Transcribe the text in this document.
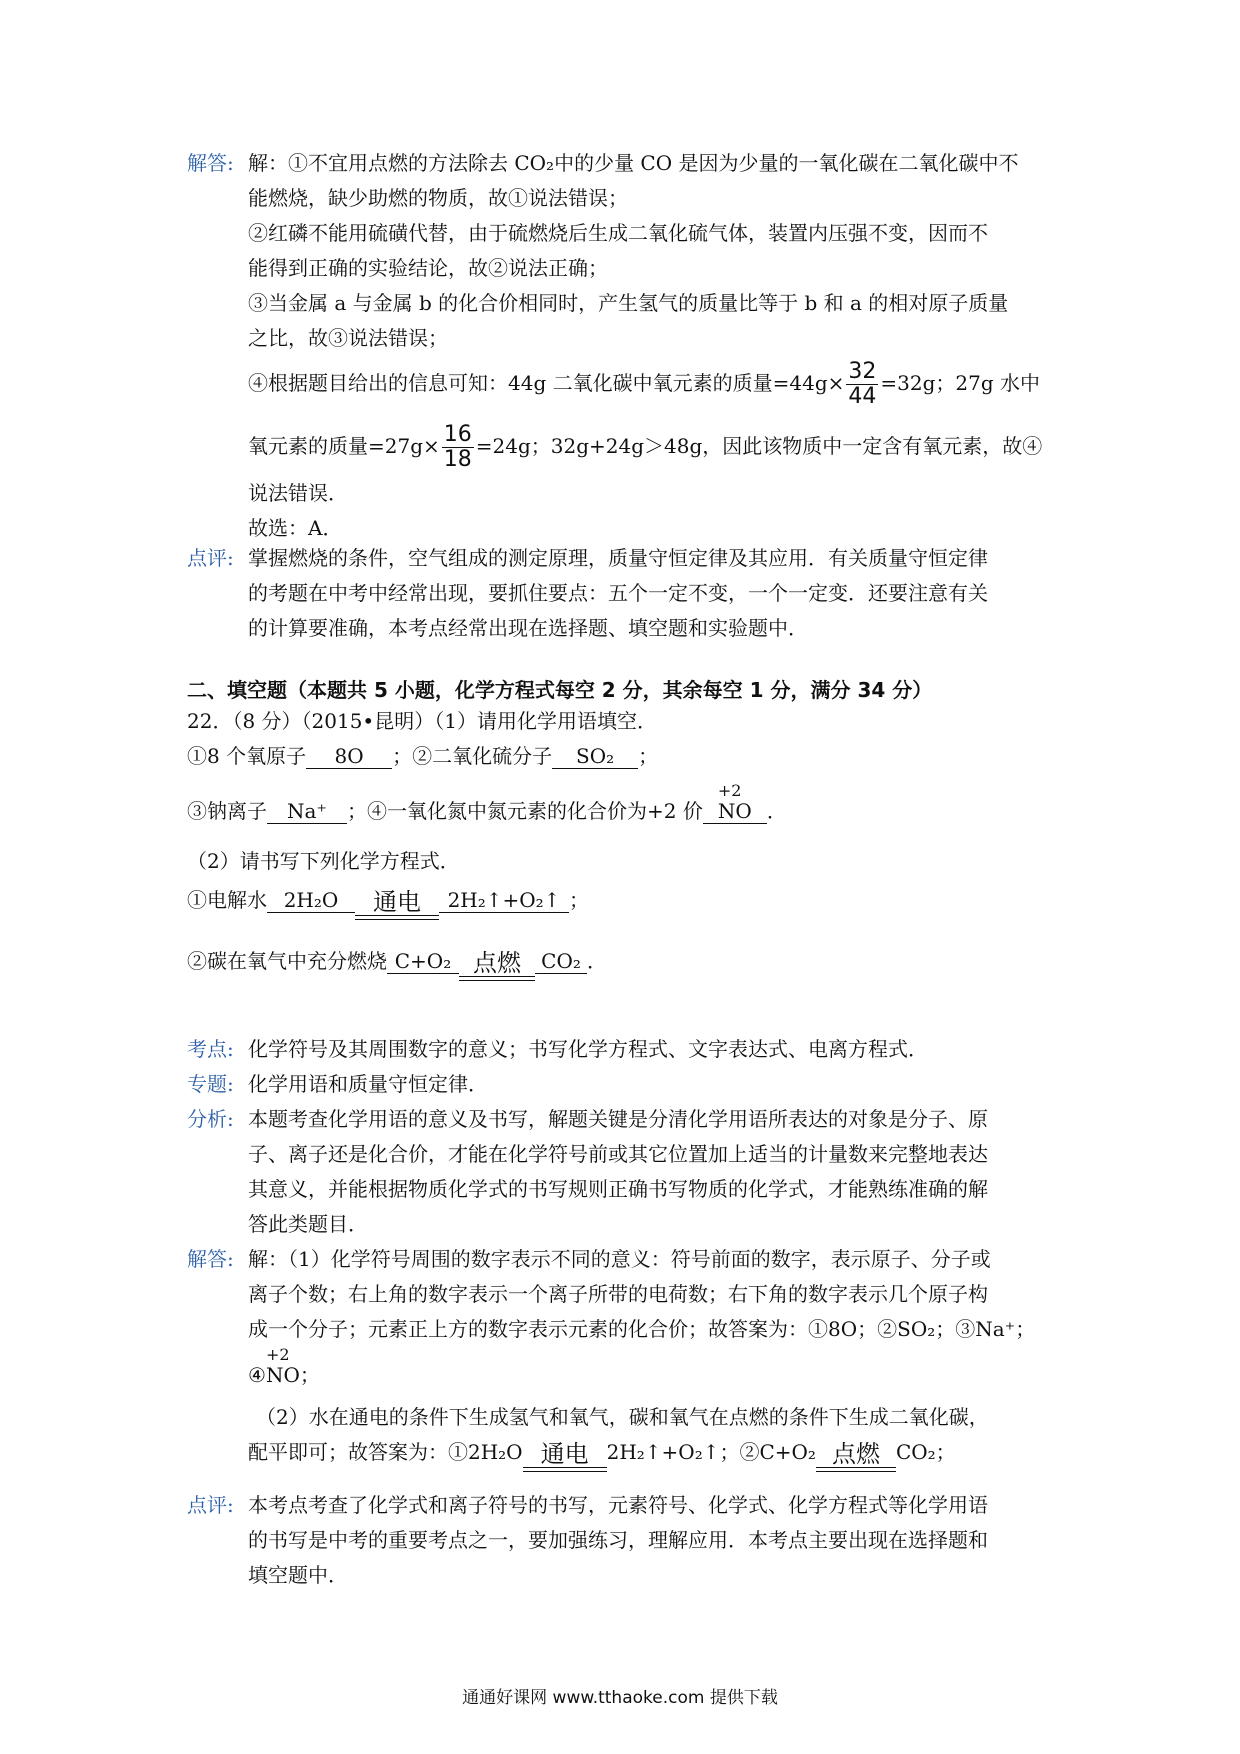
解答: 解：①不宜用点燃的方法除去 CO₂中的少量 CO 是因为少量的一氧化碳在二氧化碳中不
能燃烧，缺少助燃的物质，故①说法错误；
②红磷不能用硫磺代替，由于硫燃烧后生成二氧化硫气体，装置内压强不变，因而不
能得到正确的实验结论，故②说法正确；
③当金属 a 与金属 b 的化合价相同时，产生氢气的质量比等于 b 和 a 的相对原子质量
之比，故③说法错误；
④根据题目给出的信息可知：44g 二氧化碳中氧元素的质量$=44g\times \frac{32}{44} =32g$；27g 水中
氧元素的质量$=27g\times \frac{16}{18} =24g$；32g+24g＞48g，因此该物质中一定含有氧元素，故④
说法错误．
故选：A．
点评: 掌握燃烧的条件，空气组成的测定原理，质量守恒定律及其应用．有关质量守恒定律
的考题在中考中经常出现，要抓住要点：五个一定不变，一个一定变．还要注意有关
的计算要准确，本考点经常出现在选择题、填空题和实验题中．
二、填空题（本题共 5 小题，化学方程式每空 2 分，其余每空 1 分，满分 34 分）
22．（8 分）（2015•昆明）（1）请用化学用语填空．
①8 个氧原子 8O ；②二氧化硫分子 SO₂ ；
③钠离子 Na⁺ ；④一氧化氮中氮元素的化合价为+2 价
+2
NO ．
（2）请书写下列化学方程式．
①电解水 2H₂O	通电	2H₂↑+O₂↑ ；
②碳在氧气中充分燃烧 C+O₂ 点燃	CO₂ ．
考点: 化学符号及其周围数字的意义；书写化学方程式、文字表达式、电离方程式．
专题: 化学用语和质量守恒定律．
分析: 本题考查化学用语的意义及书写，解题关键是分清化学用语所表达的对象是分子、原
子、离子还是化合价，才能在化学符号前或其它位置加上适当的计量数来完整地表达
其意义，并能根据物质化学式的书写规则正确书写物质的化学式，才能熟练准确的解
答此类题目．
解答: 解：（1）化学符号周围的数字表示不同的意义：符号前面的数字，表示原子、分子或
离子个数；右上角的数字表示一个离子所带的电荷数；右下角的数字表示几个原子构
成一个分子；元素正上方的数字表示元素的化合价；故答案为：①8O；②SO₂；③Na⁺；
④
+2
NO；
（2）水在通电的条件下生成氢气和氧气，碳和氧气在点燃的条件下生成二氧化碳，
配平即可；故答案为：①2H₂O 通电 2H₂↑+O₂↑；②C+O₂ 点燃 CO₂；
点评: 本考点考查了化学式和离子符号的书写，元素符号、化学式、化学方程式等化学用语
的书写是中考的重要考点之一，要加强练习，理解应用．本考点主要出现在选择题和
填空题中．
通通好课网 www.tthaoke.com 提供下载
